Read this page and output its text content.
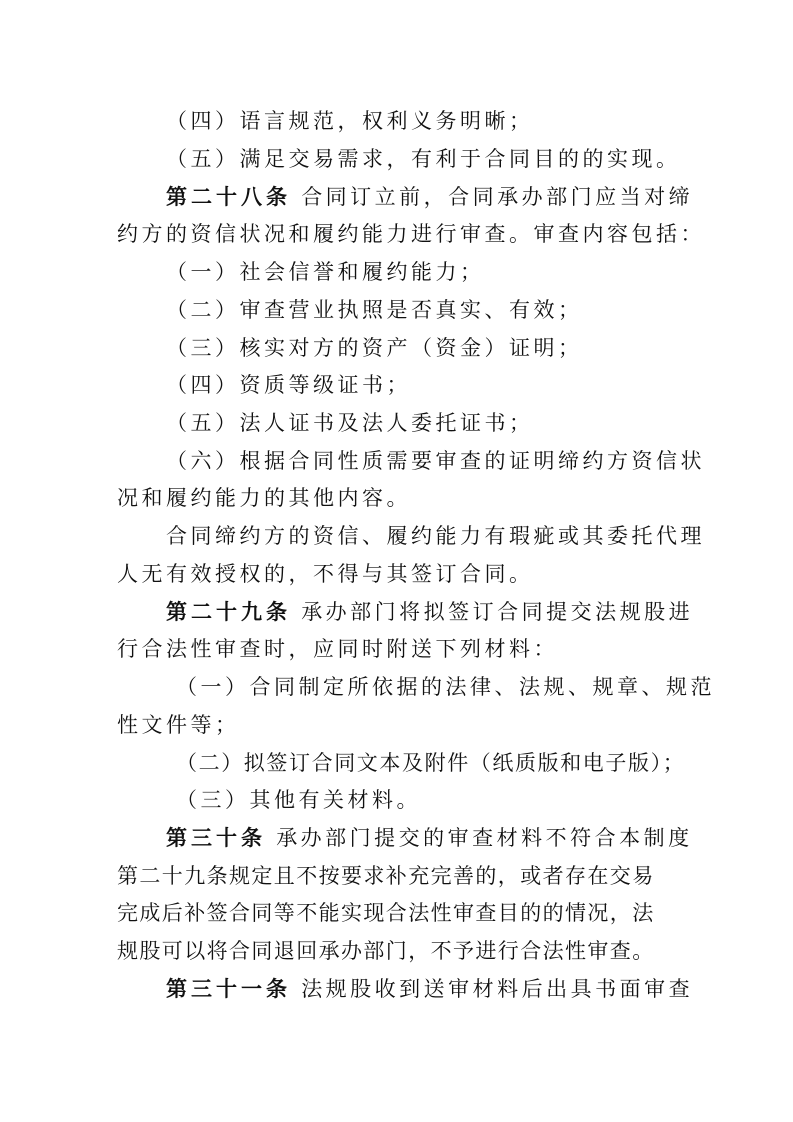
（四）语言规范，权利义务明晰；
（五）满足交易需求，有利于合同目的的实现。
第二十八条 合同订立前，合同承办部门应当对缔
约方的资信状况和履约能力进行审查。审查内容包括：
（一）社会信誉和履约能力；
（二）审查营业执照是否真实、有效；
（三）核实对方的资产（资金）证明；
（四）资质等级证书；
（五）法人证书及法人委托证书；
（六）根据合同性质需要审查的证明缔约方资信状
况和履约能力的其他内容。
合同缔约方的资信、履约能力有瑕疵或其委托代理
人无有效授权的，不得与其签订合同。
第二十九条 承办部门将拟签订合同提交法规股进
行合法性审查时，应同时附送下列材料：
（一）合同制定所依据的法律、法规、规章、规范
性文件等；
（二）拟签订合同文本及附件（纸质版和电子版）；
（三）其他有关材料。
第三十条 承办部门提交的审查材料不符合本制度
第二十九条规定且不按要求补充完善的，或者存在交易
完成后补签合同等不能实现合法性审查目的的情况，法
规股可以将合同退回承办部门，不予进行合法性审查。
第三十一条 法规股收到送审材料后出具书面审查
